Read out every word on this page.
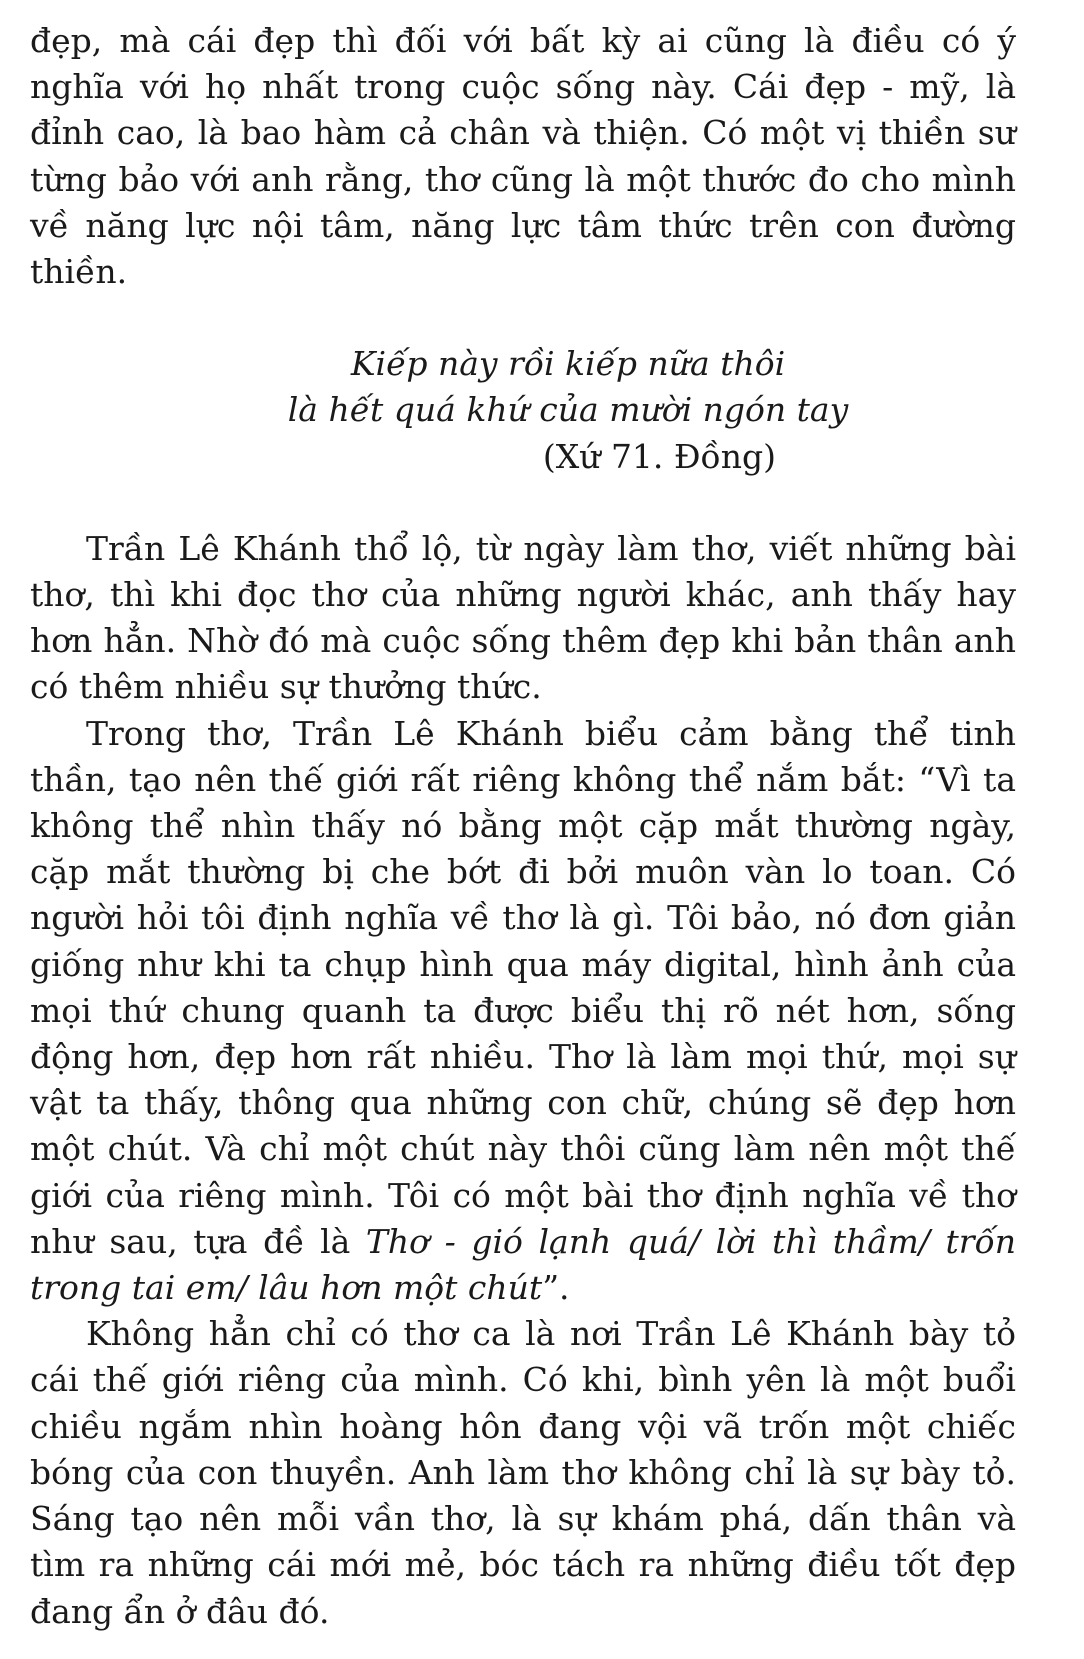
đẹp, mà cái đẹp thì đối với bất kỳ ai cũng là điều có ý nghĩa với họ nhất trong cuộc sống này. Cái đẹp - mỹ, là đỉnh cao, là bao hàm cả chân và thiện. Có một vị thiền sư từng bảo với anh rằng, thơ cũng là một thước đo cho mình về năng lực nội tâm, năng lực tâm thức trên con đường thiền.

Kiếp này rồi kiếp nữa thôi
là hết quá khứ của mười ngón tay
(Xứ 71. Đồng)

Trần Lê Khánh thổ lộ, từ ngày làm thơ, viết những bài thơ, thì khi đọc thơ của những người khác, anh thấy hay hơn hẳn. Nhờ đó mà cuộc sống thêm đẹp khi bản thân anh có thêm nhiều sự thưởng thức.

Trong thơ, Trần Lê Khánh biểu cảm bằng thể tinh thần, tạo nên thế giới rất riêng không thể nắm bắt: “Vì ta không thể nhìn thấy nó bằng một cặp mắt thường ngày, cặp mắt thường bị che bớt đi bởi muôn vàn lo toan. Có người hỏi tôi định nghĩa về thơ là gì. Tôi bảo, nó đơn giản giống như khi ta chụp hình qua máy digital, hình ảnh của mọi thứ chung quanh ta được biểu thị rõ nét hơn, sống động hơn, đẹp hơn rất nhiều. Thơ là làm mọi thứ, mọi sự vật ta thấy, thông qua những con chữ, chúng sẽ đẹp hơn một chút. Và chỉ một chút này thôi cũng làm nên một thế giới của riêng mình. Tôi có một bài thơ định nghĩa về thơ như sau, tựa đề là Thơ - gió lạnh quá/ lời thì thầm/ trốn trong tai em/ lâu hơn một chút”.

Không hẳn chỉ có thơ ca là nơi Trần Lê Khánh bày tỏ cái thế giới riêng của mình. Có khi, bình yên là một buổi chiều ngắm nhìn hoàng hôn đang vội vã trốn một chiếc bóng của con thuyền. Anh làm thơ không chỉ là sự bày tỏ. Sáng tạo nên mỗi vần thơ, là sự khám phá, dấn thân và tìm ra những cái mới mẻ, bóc tách ra những điều tốt đẹp đang ẩn ở đâu đó.
